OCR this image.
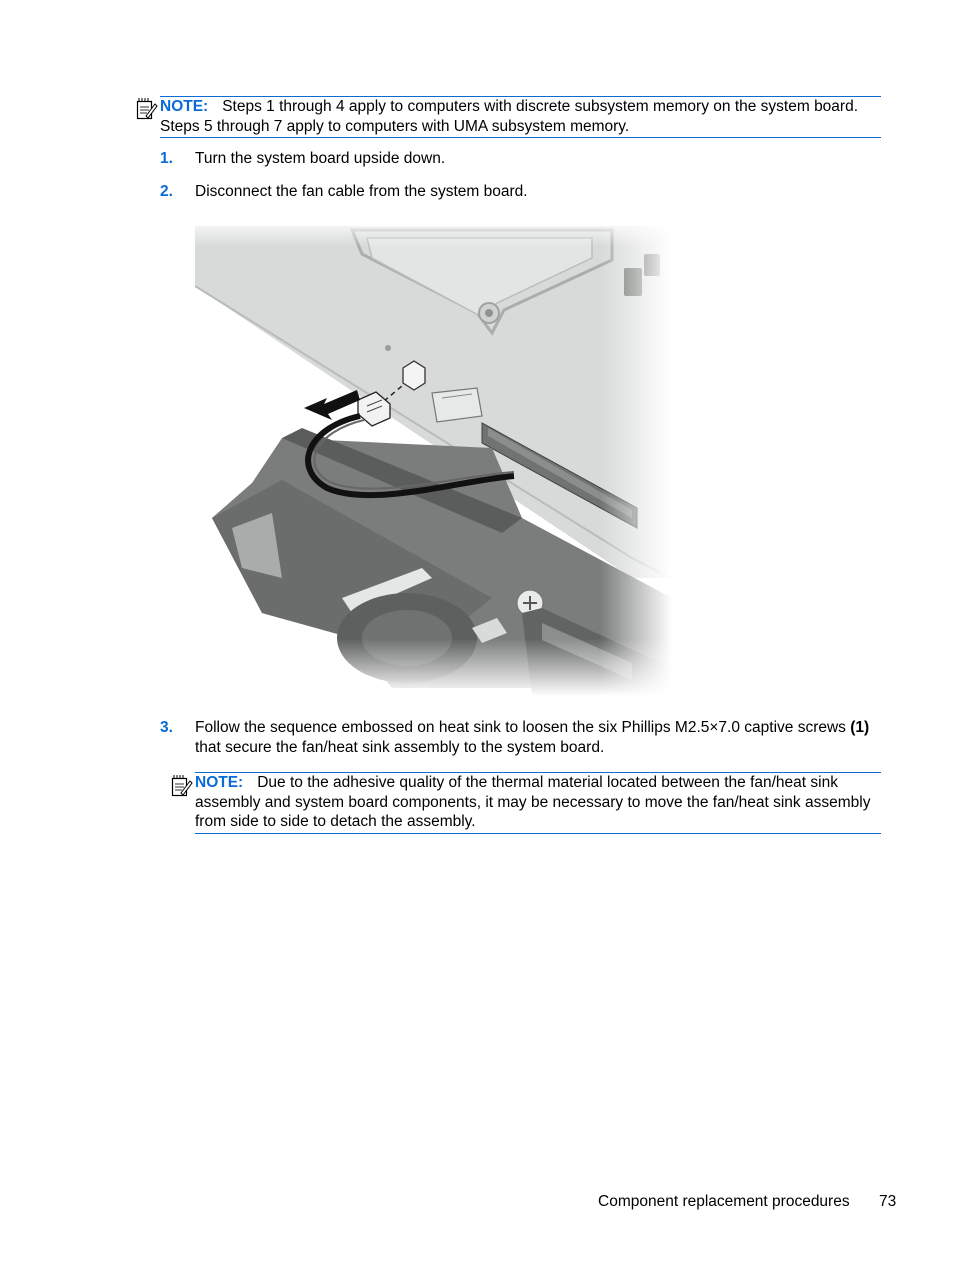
NOTE: Steps 1 through 4 apply to computers with discrete subsystem memory on the system board. Steps 5 through 7 apply to computers with UMA subsystem memory.
1. Turn the system board upside down.
2. Disconnect the fan cable from the system board.
3. Follow the sequence embossed on heat sink to loosen the six Phillips M2.5×7.0 captive screws (1) that secure the fan/heat sink assembly to the system board.
NOTE: Due to the adhesive quality of the thermal material located between the fan/heat sink assembly and system board components, it may be necessary to move the fan/heat sink assembly from side to side to detach the assembly.
Component replacement procedures 73
